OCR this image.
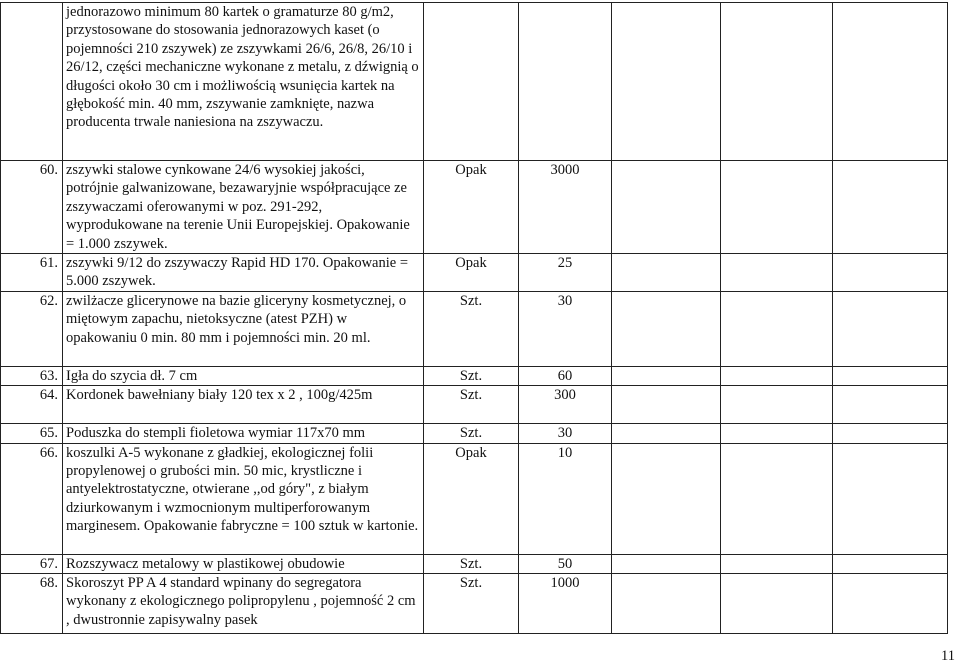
	jednorazowo minimum 80 kartek o gramaturze 80 g/m2, przystosowane do stosowania jednorazowych kaset (o pojemności 210 zszywek) ze zszywkami 26/6, 26/8, 26/10 i 26/12, części mechaniczne wykonane z metalu, z dźwignią o długości około 30 cm i możliwością wsunięcia kartek na głębokość min. 40 mm, zszywanie zamknięte, nazwa producenta trwale naniesiona na zszywaczu.					
60.	zszywki stalowe cynkowane 24/6 wysokiej jakości, potrójnie galwanizowane, bezawaryjnie współpracujące ze zszywaczami oferowanymi w poz. 291-292, wyprodukowane na terenie Unii Europejskiej. Opakowanie = 1.000 zszywek.	Opak	3000			
61.	zszywki 9/12 do zszywaczy Rapid HD 170. Opakowanie = 5.000 zszywek.	Opak	25			
62.	zwilżacze glicerynowe na bazie gliceryny kosmetycznej, o miętowym zapachu, nietoksyczne (atest PZH) w opakowaniu 0 min. 80 mm i pojemności min. 20 ml.	Szt.	30			
63.	Igła do szycia dł. 7 cm	Szt.	60			
64.	Kordonek bawełniany biały 120 tex x 2 , 100g/425m	Szt.	300			
65.	Poduszka do stempli fioletowa wymiar 117x70 mm	Szt.	30			
66.	koszulki A-5 wykonane z gładkiej, ekologicznej folii propylenowej o grubości min. 50 mic, krystliczne i antyelektrostatyczne, otwierane ,,od góry", z białym dziurkowanym i wzmocnionym multiperforowanym marginesem. Opakowanie fabryczne = 100 sztuk w kartonie.	Opak	10			
67.	Rozszywacz metalowy w plastikowej obudowie	Szt.	50			
68.	Skoroszyt PP A 4 standard wpinany do segregatora wykonany z ekologicznego polipropylenu , pojemność 2 cm , dwustronnie zapisywalny pasek	Szt.	1000			
11
